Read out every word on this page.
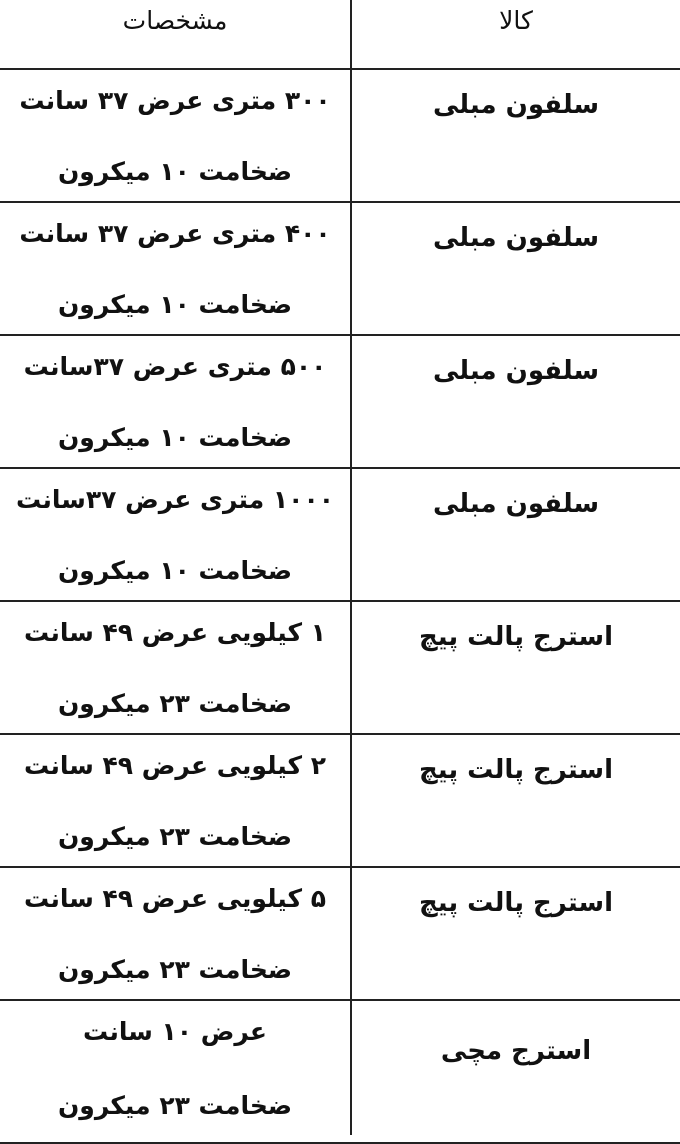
کالا
مشخصات
سلفون مبلی
۳۰۰ متری عرض ۳۷ سانت
ضخامت ۱۰ میکرون
سلفون مبلی
۴۰۰ متری عرض ۳۷ سانت
ضخامت ۱۰ میکرون
سلفون مبلی
۵۰۰ متری عرض ۳۷سانت
ضخامت ۱۰ میکرون
سلفون مبلی
۱۰۰۰ متری عرض ۳۷سانت
ضخامت ۱۰ میکرون
استرج پالت پیچ
۱ کیلویی عرض ۴۹ سانت
ضخامت ۲۳ میکرون
استرج پالت پیچ
۲ کیلویی عرض ۴۹ سانت
ضخامت ۲۳ میکرون
استرج پالت پیچ
۵ کیلویی عرض ۴۹ سانت
ضخامت ۲۳ میکرون
استرج مچی
عرض ۱۰ سانت
ضخامت ۲۳ میکرون
